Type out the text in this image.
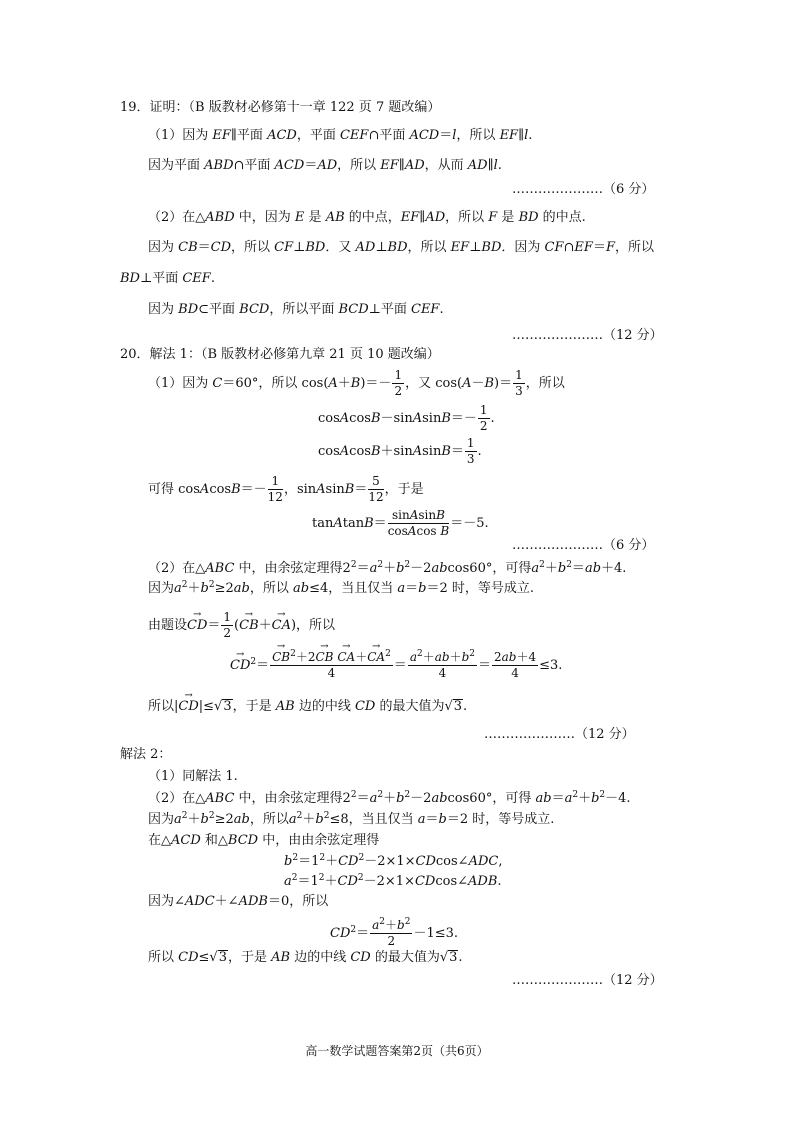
19．证明：（B 版教材必修第十一章 122 页 7 题改编）
（1）因为 EF∥平面 ACD，平面 CEF∩平面 ACD＝l，所以 EF∥l.
因为平面 ABD∩平面 ACD＝AD，所以 EF∥AD，从而 AD∥l.
…………………（6 分）
（2）在△ABD 中，因为 E 是 AB 的中点，EF∥AD，所以 F 是 BD 的中点.
因为 CB＝CD，所以 CF⊥BD．又 AD⊥BD，所以 EF⊥BD．因为 CF∩EF＝F，所以
BD⊥平面 CEF.
因为 BD⊂平面 BCD，所以平面 BCD⊥平面 CEF.
…………………（12 分）
20．解法 1：（B 版教材必修第九章 21 页 10 题改编）
（1）因为 C＝60°，所以 $\cos(A+B)=- \frac{1}{2}$ ，又 $\cos(A-B)= \frac{1}{3}$ ，所以
cosAcosB－sinAsinB＝－ $\frac{1}{2}$ .
cosAcosB＋sinAsinB＝ $\frac{1}{3}$ .
可得 cosAcosB＝－ $\frac{1}{12}$ ，sinAsinB＝ $\frac{5}{12}$ ，于是
tanAtanB＝ $\frac{\text{sinAsinB}}{\text{cosAcos B}} =-5$.
…………………（6 分）
（2）在△ABC 中，由余弦定理得$2^2=a^2+b^2-2abcos60^\circ$，可得$a^2+b^2=ab+4$.
因为$a^2+b^2\ge 2ab$，所以 ab≤4，当且仅当 a＝b＝2 时，等号成立.
由题设→ $CD= \frac{1}{2}$ (→ CB＋→ CA)，所以
→ $CD^2=$
→ $\frac{CB^2+2\to CB \to CA+\to CA^2}{4} = \frac{a^2+ab+b^2}{4} = \frac{2ab+4}{4} \le 3$.
所以|→ CD|≤√3，于是 AB 边的中线 CD 的最大值为√3.
…………………（12 分）
解法 2：
（1）同解法 1.
（2）在△ABC 中，由余弦定理得$2^2=a^2+b^2-2abcos60^\circ$，可得 $ab=a^2+b^2-4$.
因为$a^2+b^2\ge 2ab$，所以$a^2+b^2\le 8$，当且仅当 a＝b＝2 时，等号成立.
在△ACD 和△BCD 中，由由余弦定理得
$b^2=1^2+CD^2-2\times 1\times CDcos\angle ADC$,
$a^2=1^2+CD^2-2\times 1\times CDcos\angle ADB$.
因为∠ADC＋∠ADB＝0，所以
$CD^2= \frac{a^2+b^2}{2} -1\le 3$.
所以 CD≤√3，于是 AB 边的中线 CD 的最大值为√3.
…………………（12 分）
高一数学试题答案第2页（共6页）
